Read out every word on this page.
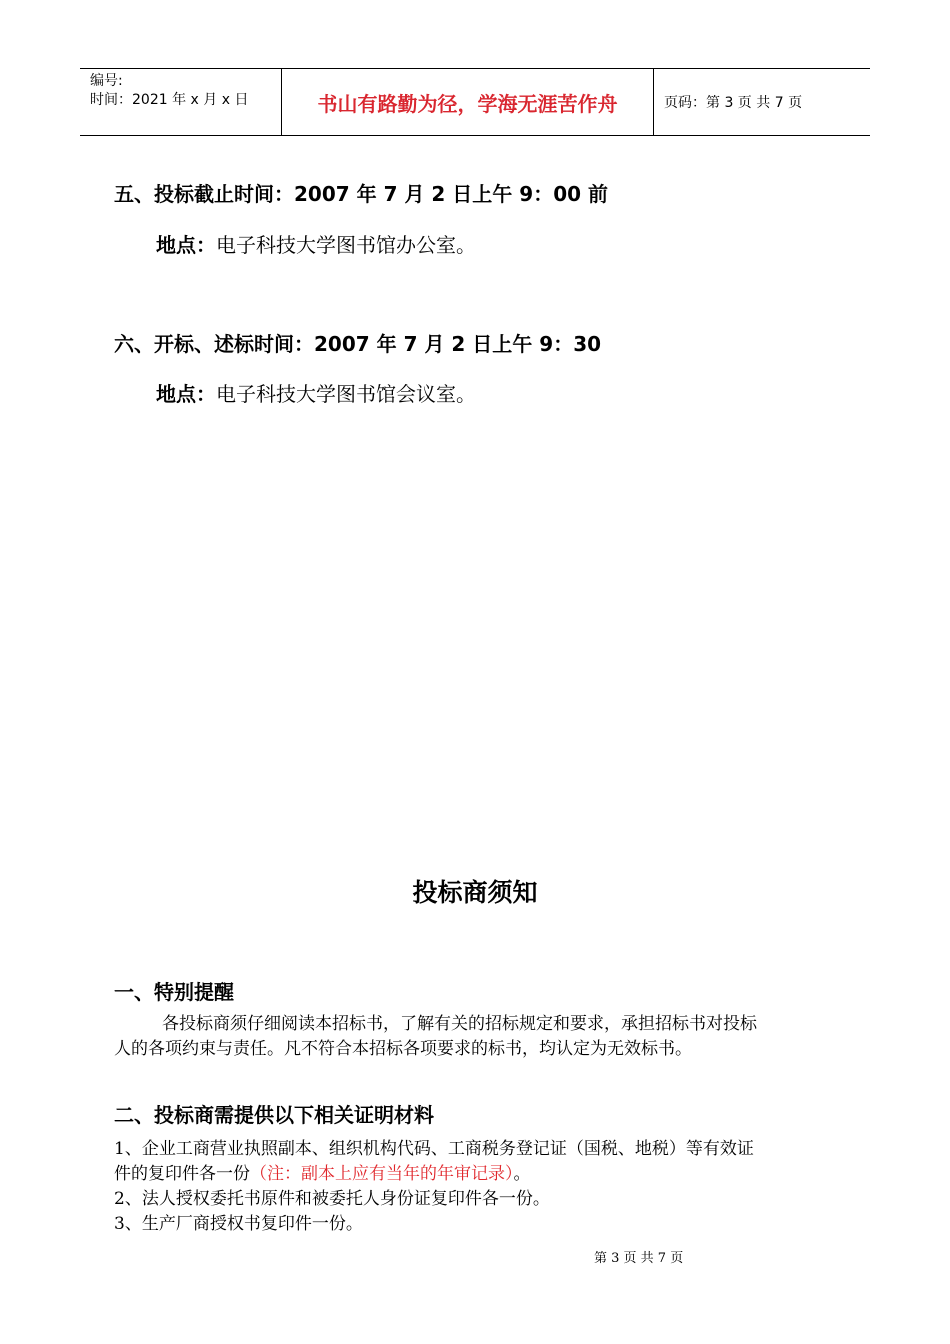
编号:
时间：2021 年 x 月 x 日	书山有路勤为径，学海无涯苦作舟	页码：第 3 页 共 7 页
五、投标截止时间：2007 年 7 月 2 日上午 9：00 前
地点：电子科技大学图书馆办公室。
六、开标、述标时间：2007 年 7 月 2 日上午 9：30
地点：电子科技大学图书馆会议室。
投标商须知
一、特别提醒
各投标商须仔细阅读本招标书，了解有关的招标规定和要求，承担招标书对投标
人的各项约束与责任。凡不符合本招标各项要求的标书，均认定为无效标书。
二、投标商需提供以下相关证明材料
1、企业工商营业执照副本、组织机构代码、工商税务登记证（国税、地税）等有效证
件的复印件各一份（注：副本上应有当年的年审记录）。
2、法人授权委托书原件和被委托人身份证复印件各一份。
3、生产厂商授权书复印件一份。
第 3 页 共 7 页
